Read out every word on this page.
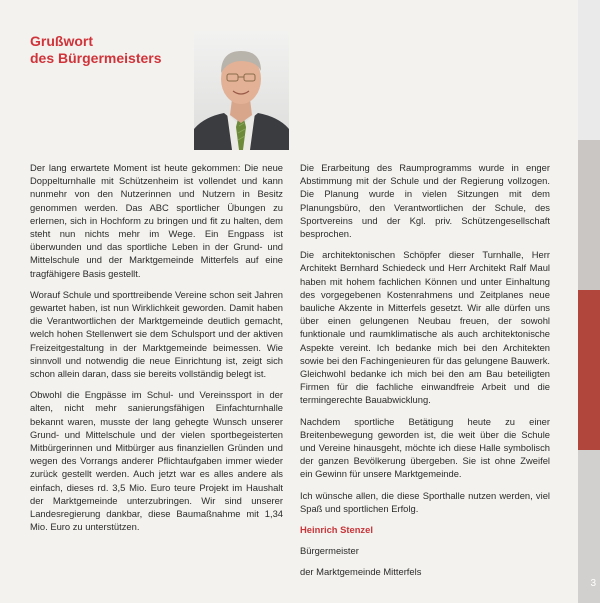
3
Grußwort
des Bürgermeisters

Der lang erwartete Moment ist heute gekommen: Die neue Doppelturnhalle mit Schützenheim ist vollendet und kann nunmehr von den Nutzerinnen und Nutzern in Besitz genommen werden. Das ABC sportlicher Übungen zu erlernen, sich in Hochform zu bringen und fit zu halten, dem steht nun nichts mehr im Wege. Ein Engpass ist überwunden und das sportliche Leben in der Grund- und Mittelschule und der Marktgemeinde Mitterfels auf eine tragfähigere Basis gestellt.

Worauf Schule und sporttreibende Vereine schon seit Jahren gewartet haben, ist nun Wirklichkeit geworden. Damit haben die Verantwortlichen der Marktgemeinde deutlich gemacht, welch hohen Stellenwert sie dem Schulsport und der aktiven Freizeitgestaltung in der Marktgemeinde beimessen. Wie sinnvoll und notwendig die neue Einrichtung ist, zeigt sich schon allein daran, dass sie bereits vollständig belegt ist.

Obwohl die Engpässe im Schul- und Vereinssport in der alten, nicht mehr sanierungsfähigen Einfachturnhalle bekannt waren, musste der lang gehegte Wunsch unserer Grund- und Mittelschule und der vielen sportbegeisterten Mitbürgerinnen und Mitbürger aus finanziellen Gründen und wegen des Vorrangs anderer Pflichtaufgaben immer wieder zurück gestellt werden. Auch jetzt war es alles andere als einfach, dieses rd. 3,5 Mio. Euro teure Projekt im Haushalt der Marktgemeinde unterzubringen. Wir sind unserer Landesregierung dankbar, diese Baumaßnahme mit 1,34 Mio. Euro zu unterstützen.

Die Erarbeitung des Raumprogramms wurde in enger Abstimmung mit der Schule und der Regierung vollzogen. Die Planung wurde in vielen Sitzungen mit dem Planungsbüro, den Verantwortlichen der Schule, des Sportvereins und der Kgl. priv. Schützengesellschaft besprochen.

Die architektonischen Schöpfer dieser Turnhalle, Herr Architekt Bernhard Schiedeck und Herr Architekt Ralf Maul haben mit hohem fachlichen Können und unter Einhaltung des vorgegebenen Kostenrahmens und Zeitplanes neue bauliche Akzente in Mitterfels gesetzt. Wir alle dürfen uns über einen gelungenen Neubau freuen, der sowohl funktionale und raumklimatische als auch architektonische Aspekte vereint. Ich bedanke mich bei den Architekten sowie bei den Fachingenieuren für das gelungene Bauwerk. Gleichwohl bedanke ich mich bei den am Bau beteiligten Firmen für die fachliche einwandfreie Arbeit und die termingerechte Bauabwicklung.

Nachdem sportliche Betätigung heute zu einer Breitenbewegung geworden ist, die weit über die Schule und Vereine hinausgeht, möchte ich diese Halle symbolisch der ganzen Bevölkerung übergeben. Sie ist ohne Zweifel ein Gewinn für unsere Marktgemeinde.

Ich wünsche allen, die diese Sporthalle nutzen werden, viel Spaß und sportlichen Erfolg.

Heinrich Stenzel

Bürgermeister

der Marktgemeinde Mitterfels
